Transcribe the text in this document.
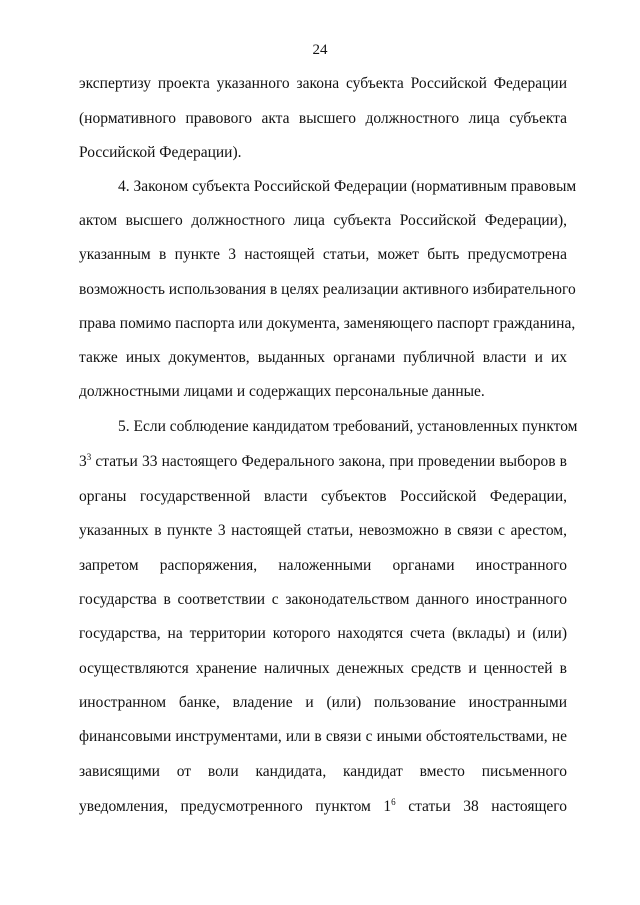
24
экспертизу проекта указанного закона субъекта Российской Федерации
(нормативного правового акта высшего должностного лица субъекта
Российской Федерации).
4. Законом субъекта Российской Федерации (нормативным правовым
актом высшего должностного лица субъекта Российской Федерации),
указанным в пункте 3 настоящей статьи, может быть предусмотрена
возможность использования в целях реализации активного избирательного
права помимо паспорта или документа, заменяющего паспорт гражданина,
также иных документов, выданных органами публичной власти и их
должностными лицами и содержащих персональные данные.
5. Если соблюдение кандидатом требований, установленных пунктом
$3^3$ статьи 33 настоящего Федерального закона, при проведении выборов в
органы государственной власти субъектов Российской Федерации,
указанных в пункте 3 настоящей статьи, невозможно в связи с арестом,
запретом распоряжения, наложенными органами иностранного
государства в соответствии с законодательством данного иностранного
государства, на территории которого находятся счета (вклады) и (или)
осуществляются хранение наличных денежных средств и ценностей в
иностранном банке, владение и (или) пользование иностранными
финансовыми инструментами, или в связи с иными обстоятельствами, не
зависящими от воли кандидата, кандидат вместо письменного
уведомления, предусмотренного пунктом $1^6$ статьи 38 настоящего
